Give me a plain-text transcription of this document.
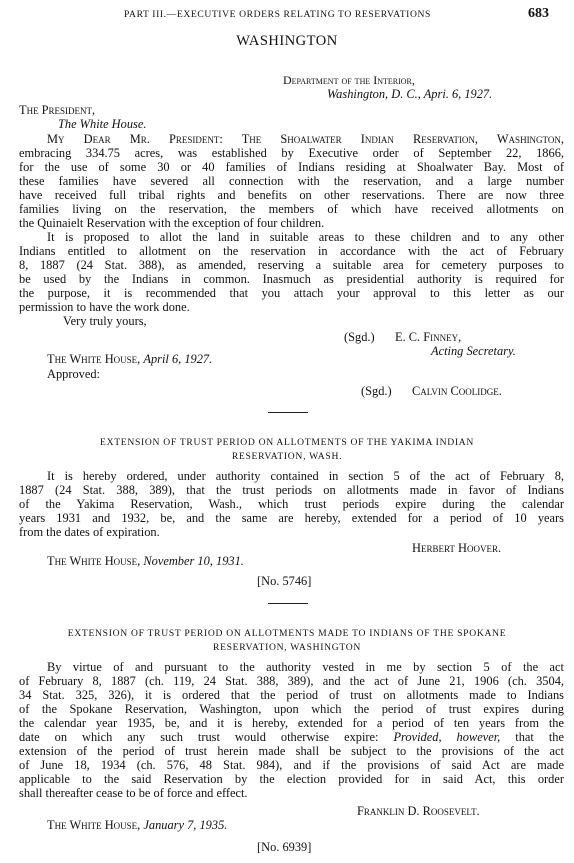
PART III.—EXECUTIVE ORDERS RELATING TO RESERVATIONS	683
WASHINGTON
Department of the Interior,
Washington, D. C., Apri. 6, 1927.
The President,
The White House.
My Dear Mr. President: The Shoalwater Indian Reservation, Washington,
embracing 334.75 acres, was established by Executive order of September 22, 1866,
for the use of some 30 or 40 families of Indians residing at Shoalwater Bay. Most of
these families have severed all connection with the reservation, and a large number
have received full tribal rights and benefits on other reservations. There are now three
families living on the reservation, the members of which have received allotments on
the Quinaielt Reservation with the exception of four children.
It is proposed to allot the land in suitable areas to these children and to any other
Indians entitled to allotment on the reservation in accordance with the act of February
8, 1887 (24 Stat. 388), as amended, reserving a suitable area for cemetery purposes to
be used by the Indians in common. Inasmuch as presidential authority is required for
the purpose, it is recommended that you attach your approval to this letter as our
permission to have the work done.
Very truly yours,
(Sgd.) E. C. Finney,
Acting Secretary.
The White House, April 6, 1927.
Approved:
(Sgd.) Calvin Coolidge.
EXTENSION OF TRUST PERIOD ON ALLOTMENTS OF THE YAKIMA INDIAN
RESERVATION, WASH.
It is hereby ordered, under authority contained in section 5 of the act of February 8,
1887 (24 Stat. 388, 389), that the trust periods on allotments made in favor of Indians
of the Yakima Reservation, Wash., which trust periods expire during the calendar
years 1931 and 1932, be, and the same are hereby, extended for a period of 10 years
from the dates of expiration.
Herbert Hoover.
The White House, November 10, 1931.
[No. 5746]
EXTENSION OF TRUST PERIOD ON ALLOTMENTS MADE TO INDIANS OF THE SPOKANE
RESERVATION, WASHINGTON
By virtue of and pursuant to the authority vested in me by section 5 of the act
of February 8, 1887 (ch. 119, 24 Stat. 388, 389), and the act of June 21, 1906 (ch. 3504,
34 Stat. 325, 326), it is ordered that the period of trust on allotments made to Indians
of the Spokane Reservation, Washington, upon which the period of trust expires during
the calendar year 1935, be, and it is hereby, extended for a period of ten years from the
date on which any such trust would otherwise expire: Provided, however, that the
extension of the period of trust herein made shall be subject to the provisions of the act
of June 18, 1934 (ch. 576, 48 Stat. 984), and if the provisions of said Act are made
applicable to the said Reservation by the election provided for in said Act, this order
shall thereafter cease to be of force and effect.
Franklin D. Roosevelt.
The White House, January 7, 1935.
[No. 6939]
